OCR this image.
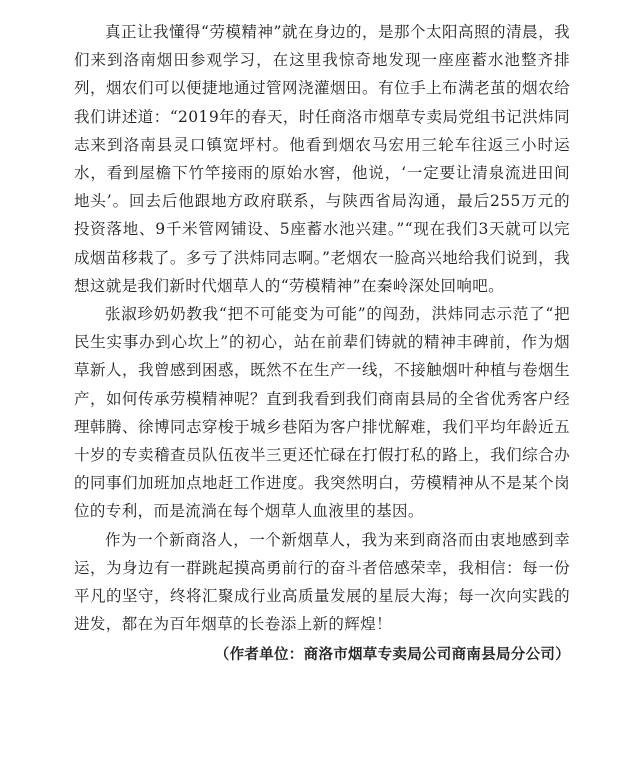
真正让我懂得“劳模精神”就在身边的，是那个太阳高照的清晨，我们来到洛南烟田参观学习，在这里我惊奇地发现一座座蓄水池整齐排列，烟农们可以便捷地通过管网浇灌烟田。有位手上布满老茧的烟农给我们讲述道：“2019年的春天，时任商洛市烟草专卖局党组书记洪炜同志来到洛南县灵口镇宽坪村。他看到烟农马宏用三轮车往返三小时运水，看到屋檐下竹竿接雨的原始水窖，他说，‘一定要让清泉流进田间地头’。回去后他跟地方政府联系，与陕西省局沟通，最后255万元的投资落地、9千米管网铺设、5座蓄水池兴建。”“现在我们3天就可以完成烟苗移栽了。多亏了洪炜同志啊。”老烟农一脸高兴地给我们说到，我想这就是我们新时代烟草人的“劳模精神”在秦岭深处回响吧。

张淑珍奶奶教我“把不可能变为可能”的闯劲，洪炜同志示范了“把民生实事办到心坎上”的初心，站在前辈们铸就的精神丰碑前，作为烟草新人，我曾感到困惑，既然不在生产一线，不接触烟叶种植与卷烟生产，如何传承劳模精神呢？直到我看到我们商南县局的全省优秀客户经理韩腾、徐博同志穿梭于城乡巷陌为客户排忧解难，我们平均年龄近五十岁的专卖稽查员队伍夜半三更还忙碌在打假打私的路上，我们综合办的同事们加班加点地赶工作进度。我突然明白，劳模精神从不是某个岗位的专利，而是流淌在每个烟草人血液里的基因。

作为一个新商洛人，一个新烟草人，我为来到商洛而由衷地感到幸运，为身边有一群跳起摸高勇前行的奋斗者倍感荣幸，我相信：每一份平凡的坚守，终将汇聚成行业高质量发展的星辰大海；每一次向实践的进发，都在为百年烟草的长卷添上新的辉煌！

（作者单位：商洛市烟草专卖局公司商南县局分公司）
